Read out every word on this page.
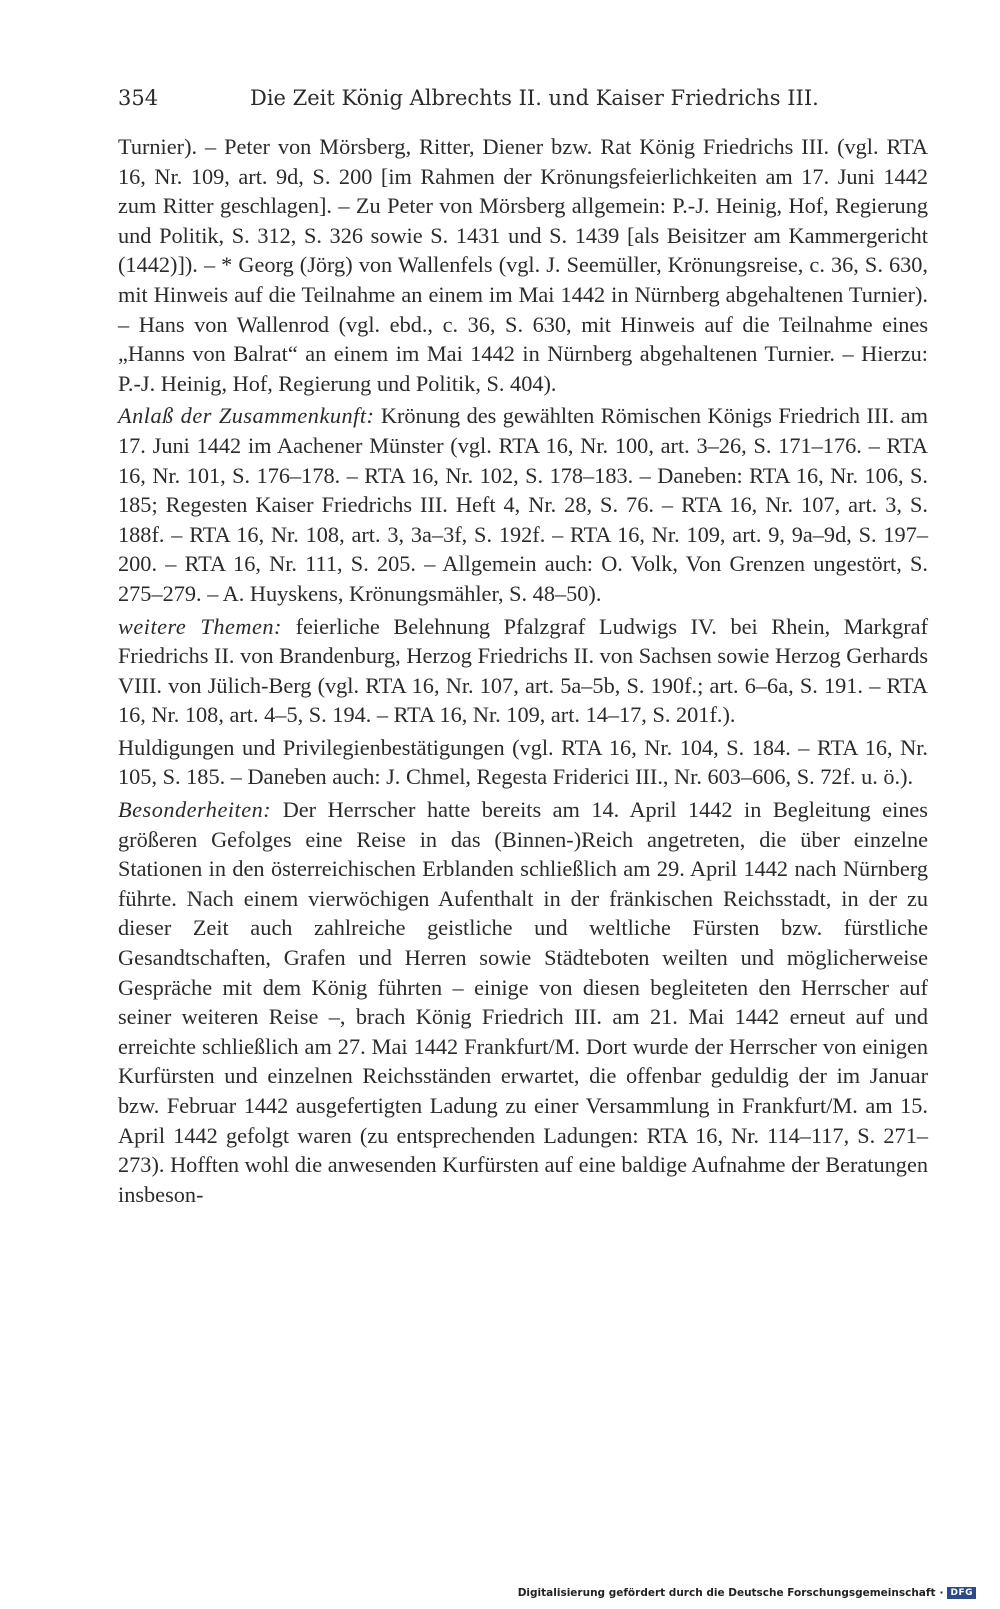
354	Die Zeit König Albrechts II. und Kaiser Friedrichs III.

Turnier). – Peter von Mörsberg, Ritter, Diener bzw. Rat König Friedrichs III. (vgl. RTA 16, Nr. 109, art. 9d, S. 200 [im Rahmen der Krönungsfeierlichkeiten am 17. Juni 1442 zum Ritter geschlagen]. – Zu Peter von Mörsberg allgemein: P.-J. Heinig, Hof, Regierung und Politik, S. 312, S. 326 sowie S. 1431 und S. 1439 [als Beisitzer am Kammergericht (1442)]). – * Georg (Jörg) von Wallenfels (vgl. J. Seemüller, Krönungsreise, c. 36, S. 630, mit Hinweis auf die Teilnahme an einem im Mai 1442 in Nürnberg abgehaltenen Turnier). – Hans von Wallenrod (vgl. ebd., c. 36, S. 630, mit Hinweis auf die Teilnahme eines „Hanns von Balrat“ an einem im Mai 1442 in Nürnberg abgehaltenen Turnier. – Hierzu: P.-J. Heinig, Hof, Regierung und Politik, S. 404).

Anlaß der Zusammenkunft: Krönung des gewählten Römischen Königs Friedrich III. am 17. Juni 1442 im Aachener Münster (vgl. RTA 16, Nr. 100, art. 3–26, S. 171–176. – RTA 16, Nr. 101, S. 176–178. – RTA 16, Nr. 102, S. 178–183. – Daneben: RTA 16, Nr. 106, S. 185; Regesten Kaiser Friedrichs III. Heft 4, Nr. 28, S. 76. – RTA 16, Nr. 107, art. 3, S. 188f. – RTA 16, Nr. 108, art. 3, 3a–3f, S. 192f. – RTA 16, Nr. 109, art. 9, 9a–9d, S. 197–200. – RTA 16, Nr. 111, S. 205. – Allgemein auch: O. Volk, Von Grenzen ungestört, S. 275–279. – A. Huyskens, Krönungsmähler, S. 48–50).

weitere Themen: feierliche Belehnung Pfalzgraf Ludwigs IV. bei Rhein, Markgraf Friedrichs II. von Brandenburg, Herzog Friedrichs II. von Sachsen sowie Herzog Gerhards VIII. von Jülich-Berg (vgl. RTA 16, Nr. 107, art. 5a–5b, S. 190f.; art. 6–6a, S. 191. – RTA 16, Nr. 108, art. 4–5, S. 194. – RTA 16, Nr. 109, art. 14–17, S. 201f.).

Huldigungen und Privilegienbestätigungen (vgl. RTA 16, Nr. 104, S. 184. – RTA 16, Nr. 105, S. 185. – Daneben auch: J. Chmel, Regesta Friderici III., Nr. 603–606, S. 72f. u. ö.).

Besonderheiten: Der Herrscher hatte bereits am 14. April 1442 in Begleitung eines größeren Gefolges eine Reise in das (Binnen-)Reich angetreten, die über einzelne Stationen in den österreichischen Erblanden schließlich am 29. April 1442 nach Nürnberg führte. Nach einem vierwöchigen Aufenthalt in der fränkischen Reichsstadt, in der zu dieser Zeit auch zahlreiche geistliche und weltliche Fürsten bzw. fürstliche Gesandtschaften, Grafen und Herren sowie Städteboten weilten und möglicherweise Gespräche mit dem König führten – einige von diesen begleiteten den Herrscher auf seiner weiteren Reise –, brach König Friedrich III. am 21. Mai 1442 erneut auf und erreichte schließlich am 27. Mai 1442 Frankfurt/M. Dort wurde der Herrscher von einigen Kurfürsten und einzelnen Reichsständen erwartet, die offenbar geduldig der im Januar bzw. Februar 1442 ausgefertigten Ladung zu einer Versammlung in Frankfurt/M. am 15. April 1442 gefolgt waren (zu entsprechenden Ladungen: RTA 16, Nr. 114–117, S. 271–273). Hofften wohl die anwesenden Kurfürsten auf eine baldige Aufnahme der Beratungen insbeson-

Digitalisierung gefördert durch die Deutsche Forschungsgemeinschaft · DFG
